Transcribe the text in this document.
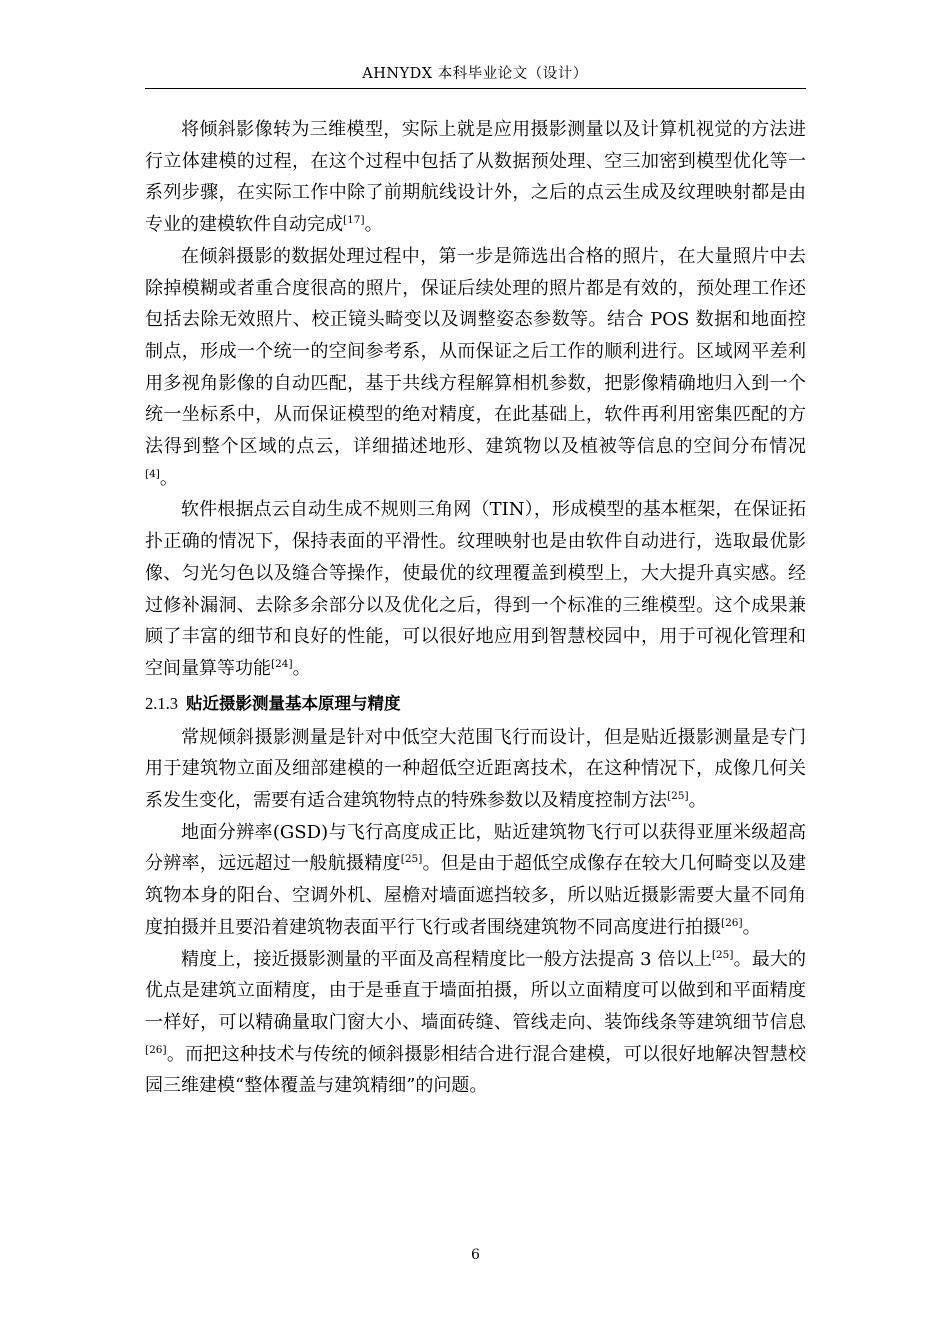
AHNYDX 本科毕业论文（设计）

将倾斜影像转为三维模型，实际上就是应用摄影测量以及计算机视觉的方法进行立体建模的过程，在这个过程中包括了从数据预处理、空三加密到模型优化等一系列步骤，在实际工作中除了前期航线设计外，之后的点云生成及纹理映射都是由专业的建模软件自动完成[17]。

在倾斜摄影的数据处理过程中，第一步是筛选出合格的照片，在大量照片中去除掉模糊或者重合度很高的照片，保证后续处理的照片都是有效的，预处理工作还包括去除无效照片、校正镜头畸变以及调整姿态参数等。结合 POS 数据和地面控制点，形成一个统一的空间参考系，从而保证之后工作的顺利进行。区域网平差利用多视角影像的自动匹配，基于共线方程解算相机参数，把影像精确地归入到一个统一坐标系中，从而保证模型的绝对精度，在此基础上，软件再利用密集匹配的方法得到整个区域的点云，详细描述地形、建筑物以及植被等信息的空间分布情况[4]。

软件根据点云自动生成不规则三角网（TIN），形成模型的基本框架，在保证拓扑正确的情况下，保持表面的平滑性。纹理映射也是由软件自动进行，选取最优影像、匀光匀色以及缝合等操作，使最优的纹理覆盖到模型上，大大提升真实感。经过修补漏洞、去除多余部分以及优化之后，得到一个标准的三维模型。这个成果兼顾了丰富的细节和良好的性能，可以很好地应用到智慧校园中，用于可视化管理和空间量算等功能[24]。

2.1.3 贴近摄影测量基本原理与精度

常规倾斜摄影测量是针对中低空大范围飞行而设计，但是贴近摄影测量是专门用于建筑物立面及细部建模的一种超低空近距离技术，在这种情况下，成像几何关系发生变化，需要有适合建筑物特点的特殊参数以及精度控制方法[25]。

地面分辨率(GSD)与飞行高度成正比，贴近建筑物飞行可以获得亚厘米级超高分辨率，远远超过一般航摄精度[25]。但是由于超低空成像存在较大几何畸变以及建筑物本身的阳台、空调外机、屋檐对墙面遮挡较多，所以贴近摄影需要大量不同角度拍摄并且要沿着建筑物表面平行飞行或者围绕建筑物不同高度进行拍摄[26]。

精度上，接近摄影测量的平面及高程精度比一般方法提高 3 倍以上[25]。最大的优点是建筑立面精度，由于是垂直于墙面拍摄，所以立面精度可以做到和平面精度一样好，可以精确量取门窗大小、墙面砖缝、管线走向、装饰线条等建筑细节信息[26]。而把这种技术与传统的倾斜摄影相结合进行混合建模，可以很好地解决智慧校园三维建模“整体覆盖与建筑精细”的问题。

6
